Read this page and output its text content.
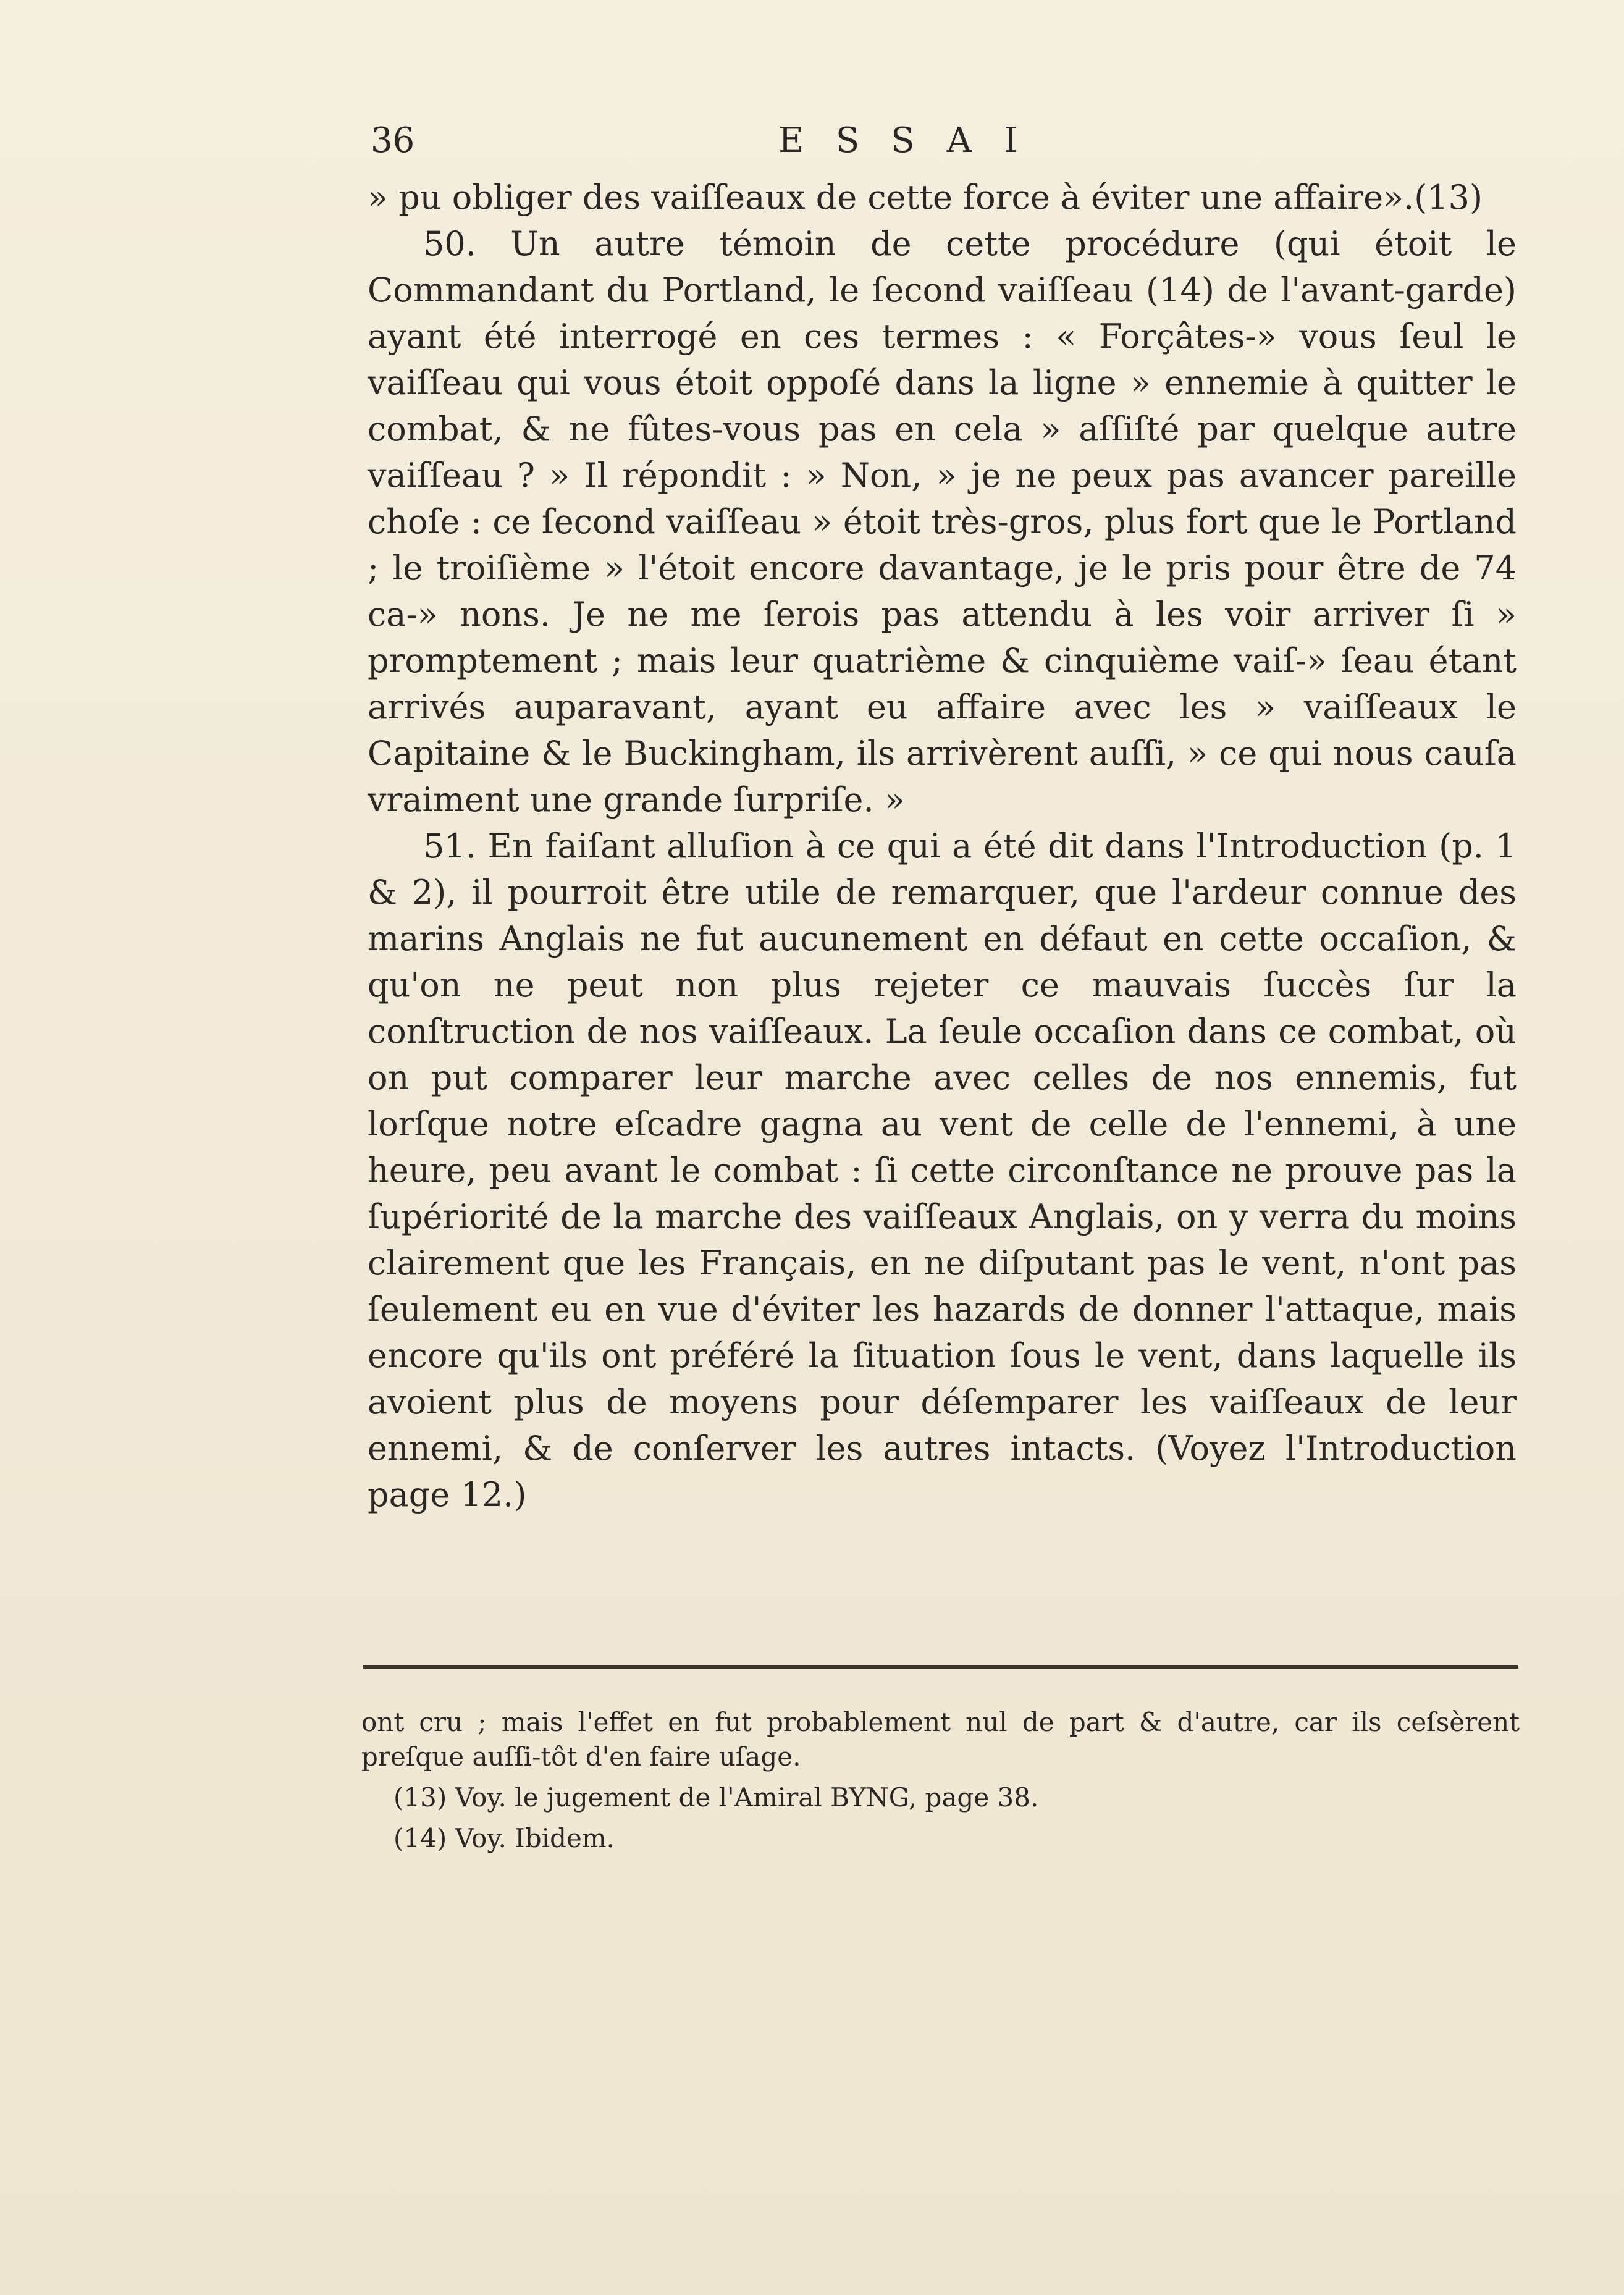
36	ESSAI

» pu obliger des vaiſſeaux de cette force à éviter une affaire».(13)

50. Un autre témoin de cette procédure (qui étoit le Commandant du Portland, le ſecond vaiſſeau (14) de l'avant-garde) ayant été interrogé en ces termes : « Forçâtes-» vous ſeul le vaiſſeau qui vous étoit oppoſé dans la ligne » ennemie à quitter le combat, & ne fûtes-vous pas en cela » aſſiſté par quelque autre vaiſſeau ? » Il répondit : » Non, » je ne peux pas avancer pareille choſe : ce ſecond vaiſſeau » étoit très-gros, plus fort que le Portland ; le troiſième » l'étoit encore davantage, je le pris pour être de 74 ca-» nons. Je ne me ſerois pas attendu à les voir arriver ſi » promptement ; mais leur quatrième & cinquième vaiſ-» ſeau étant arrivés auparavant, ayant eu affaire avec les » vaiſſeaux le Capitaine & le Buckingham, ils arrivèrent auſſi, » ce qui nous cauſa vraiment une grande ſurpriſe. »

51. En faiſant alluſion à ce qui a été dit dans l'Introduction (p. 1 & 2), il pourroit être utile de remarquer, que l'ardeur connue des marins Anglais ne fut aucunement en défaut en cette occaſion, & qu'on ne peut non plus rejeter ce mauvais ſuccès ſur la conſtruction de nos vaiſſeaux. La ſeule occaſion dans ce combat, où on put comparer leur marche avec celles de nos ennemis, fut lorſque notre eſcadre gagna au vent de celle de l'ennemi, à une heure, peu avant le combat : ſi cette circonſtance ne prouve pas la ſupériorité de la marche des vaiſſeaux Anglais, on y verra du moins clairement que les Français, en ne diſputant pas le vent, n'ont pas ſeulement eu en vue d'éviter les hazards de donner l'attaque, mais encore qu'ils ont préféré la ſituation ſous le vent, dans laquelle ils avoient plus de moyens pour déſemparer les vaiſſeaux de leur ennemi, & de conſerver les autres intacts. (Voyez l'Introduction page 12.)

ont cru ; mais l'effet en fut probablement nul de part & d'autre, car ils ceſsèrent preſque auſſi-tôt d'en faire uſage.

(13) Voy. le jugement de l'Amiral BYNG, page 38.

(14) Voy. Ibidem.
